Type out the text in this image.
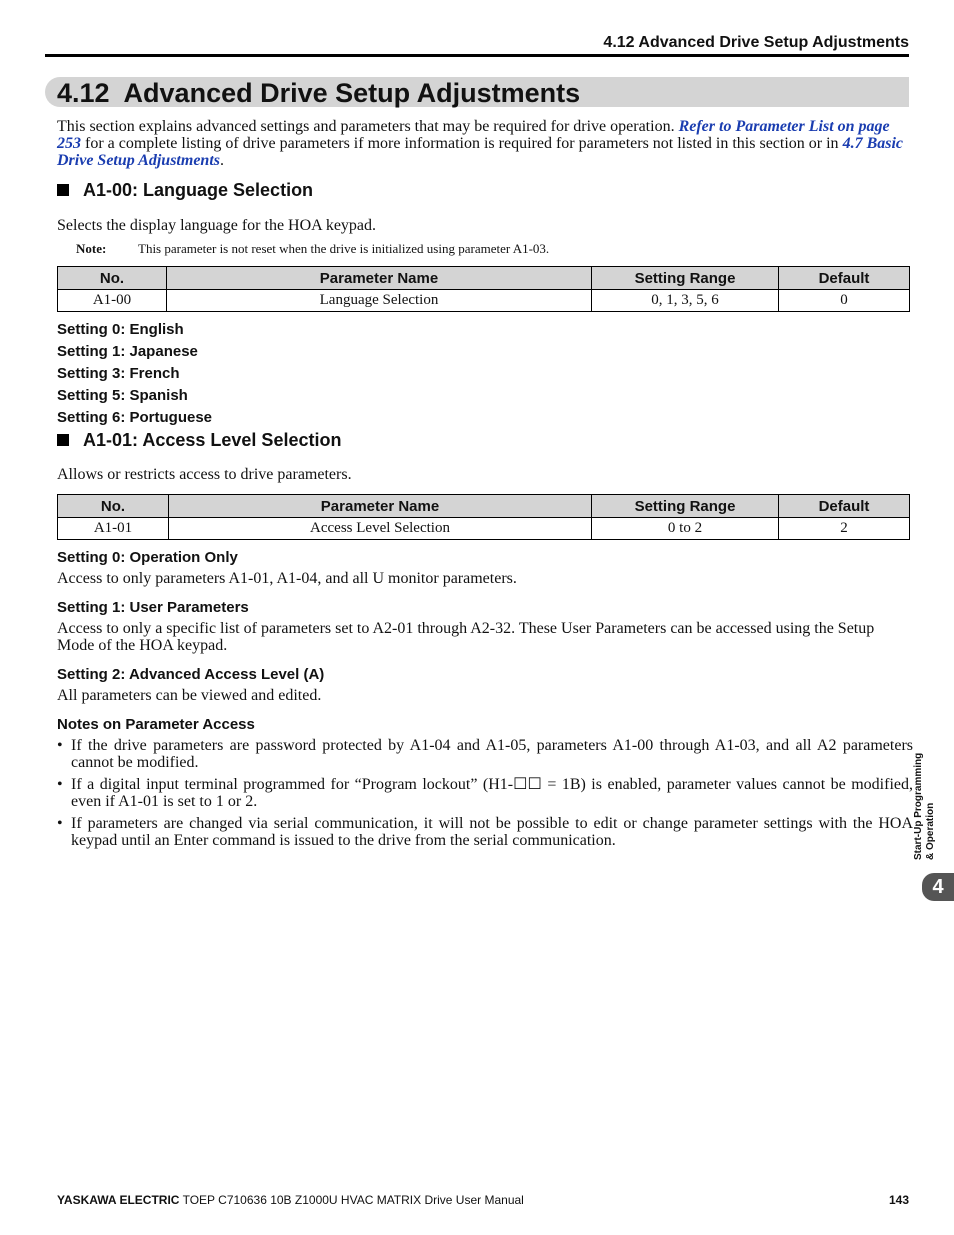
4.12 Advanced Drive Setup Adjustments
4.12  Advanced Drive Setup Adjustments
This section explains advanced settings and parameters that may be required for drive operation. Refer to Parameter List on page 253 for a complete listing of drive parameters if more information is required for parameters not listed in this section or in 4.7 Basic Drive Setup Adjustments.
A1-00: Language Selection
Selects the display language for the HOA keypad.
Note: This parameter is not reset when the drive is initialized using parameter A1-03.
No.	Parameter Name	Setting Range	Default
A1-00	Language Selection	0, 1, 3, 5, 6	0
Setting 0: English
Setting 1: Japanese
Setting 3: French
Setting 5: Spanish
Setting 6: Portuguese
A1-01: Access Level Selection
Allows or restricts access to drive parameters.
No.	Parameter Name	Setting Range	Default
A1-01	Access Level Selection	0 to 2	2
Setting 0: Operation Only
Access to only parameters A1-01, A1-04, and all U monitor parameters.
Setting 1: User Parameters
Access to only a specific list of parameters set to A2-01 through A2-32. These User Parameters can be accessed using the Setup Mode of the HOA keypad.
Setting 2: Advanced Access Level (A)
All parameters can be viewed and edited.
Notes on Parameter Access
• If the drive parameters are password protected by A1-04 and A1-05, parameters A1-00 through A1-03, and all A2 parameters cannot be modified.
• If a digital input terminal programmed for “Program lockout” (H1-☐☐ = 1B) is enabled, parameter values cannot be modified, even if A1-01 is set to 1 or 2.
• If parameters are changed via serial communication, it will not be possible to edit or change parameter settings with the HOA keypad until an Enter command is issued to the drive from the serial communication.	Start-Up Programming & Operation
4
YASKAWA ELECTRIC TOEP C710636 10B Z1000U HVAC MATRIX Drive User Manual	143
